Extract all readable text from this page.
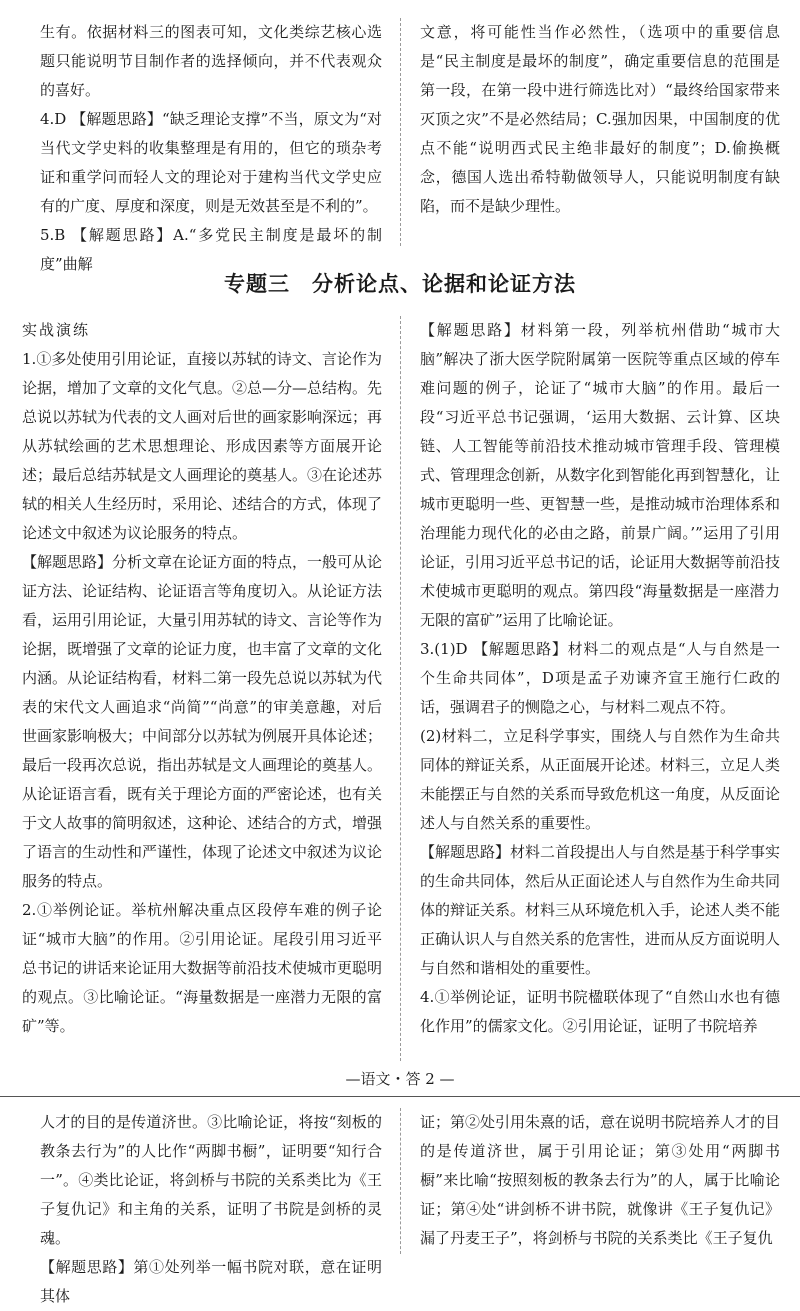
生有。依据材料三的图表可知，文化类综艺核心选题只能说明节目制作者的选择倾向，并不代表观众的喜好。

4.D 【解题思路】“缺乏理论支撑”不当，原文为“对当代文学史料的收集整理是有用的，但它的琐杂考证和重学问而轻人文的理论对于建构当代文学史应有的广度、厚度和深度，则是无效甚至是不利的”。

5.B 【解题思路】A.“多党民主制度是最坏的制度”曲解

文意，将可能性当作必然性，（选项中的重要信息是“民主制度是最坏的制度”，确定重要信息的范围是第一段，在第一段中进行筛选比对）“最终给国家带来灭顶之灾”不是必然结局；C.强加因果，中国制度的优点不能“说明西式民主绝非最好的制度”；D.偷换概念，德国人选出希特勒做领导人，只能说明制度有缺陷，而不是缺少理性。

专题三　分析论点、论据和论证方法

实战演练

1.①多处使用引用论证，直接以苏轼的诗文、言论作为论据，增加了文章的文化气息。②总—分—总结构。先总说以苏轼为代表的文人画对后世的画家影响深远；再从苏轼绘画的艺术思想理论、形成因素等方面展开论述；最后总结苏轼是文人画理论的奠基人。③在论述苏轼的相关人生经历时，采用论、述结合的方式，体现了论述文中叙述为议论服务的特点。

【解题思路】分析文章在论证方面的特点，一般可从论证方法、论证结构、论证语言等角度切入。从论证方法看，运用引用论证，大量引用苏轼的诗文、言论等作为论据，既增强了文章的论证力度，也丰富了文章的文化内涵。从论证结构看，材料二第一段先总说以苏轼为代表的宋代文人画追求“尚简”“尚意”的审美意趣，对后世画家影响极大；中间部分以苏轼为例展开具体论述；最后一段再次总说，指出苏轼是文人画理论的奠基人。从论证语言看，既有关于理论方面的严密论述，也有关于文人故事的简明叙述，这种论、述结合的方式，增强了语言的生动性和严谨性，体现了论述文中叙述为议论服务的特点。

2.①举例论证。举杭州解决重点区段停车难的例子论证“城市大脑”的作用。②引用论证。尾段引用习近平总书记的讲话来论证用大数据等前沿技术使城市更聪明的观点。③比喻论证。“海量数据是一座潜力无限的富矿”等。

【解题思路】材料第一段，列举杭州借助“城市大脑”解决了浙大医学院附属第一医院等重点区域的停车难问题的例子，论证了“城市大脑”的作用。最后一段“习近平总书记强调，‘运用大数据、云计算、区块链、人工智能等前沿技术推动城市管理手段、管理模式、管理理念创新，从数字化到智能化再到智慧化，让城市更聪明一些、更智慧一些，是推动城市治理体系和治理能力现代化的必由之路，前景广阔。’”运用了引用论证，引用习近平总书记的话，论证用大数据等前沿技术使城市更聪明的观点。第四段“海量数据是一座潜力无限的富矿”运用了比喻论证。

3.(1)D 【解题思路】材料二的观点是“人与自然是一个生命共同体”，D项是孟子劝谏齐宣王施行仁政的话，强调君子的恻隐之心，与材料二观点不符。

(2)材料二，立足科学事实，围绕人与自然作为生命共同体的辩证关系，从正面展开论述。材料三，立足人类未能摆正与自然的关系而导致危机这一角度，从反面论述人与自然关系的重要性。

【解题思路】材料二首段提出人与自然是基于科学事实的生命共同体，然后从正面论述人与自然作为生命共同体的辩证关系。材料三从环境危机入手，论述人类不能正确认识人与自然关系的危害性，进而从反方面说明人与自然和谐相处的重要性。

4.①举例论证，证明书院楹联体现了“自然山水也有德化作用”的儒家文化。②引用论证，证明了书院培养

—语文・答 2 —

人才的目的是传道济世。③比喻论证，将按“刻板的教条去行为”的人比作“两脚书橱”，证明要“知行合一”。④类比论证，将剑桥与书院的关系类比为《王子复仇记》和主角的关系，证明了书院是剑桥的灵魂。

【解题思路】第①处列举一幅书院对联，意在证明其体

证；第②处引用朱熹的话，意在说明书院培养人才的目的是传道济世，属于引用论证；第③处用“两脚书橱”来比喻“按照刻板的教条去行为”的人，属于比喻论证；第④处“讲剑桥不讲书院，就像讲《王子复仇记》漏了丹麦王子”，将剑桥与书院的关系类比《王子复仇
